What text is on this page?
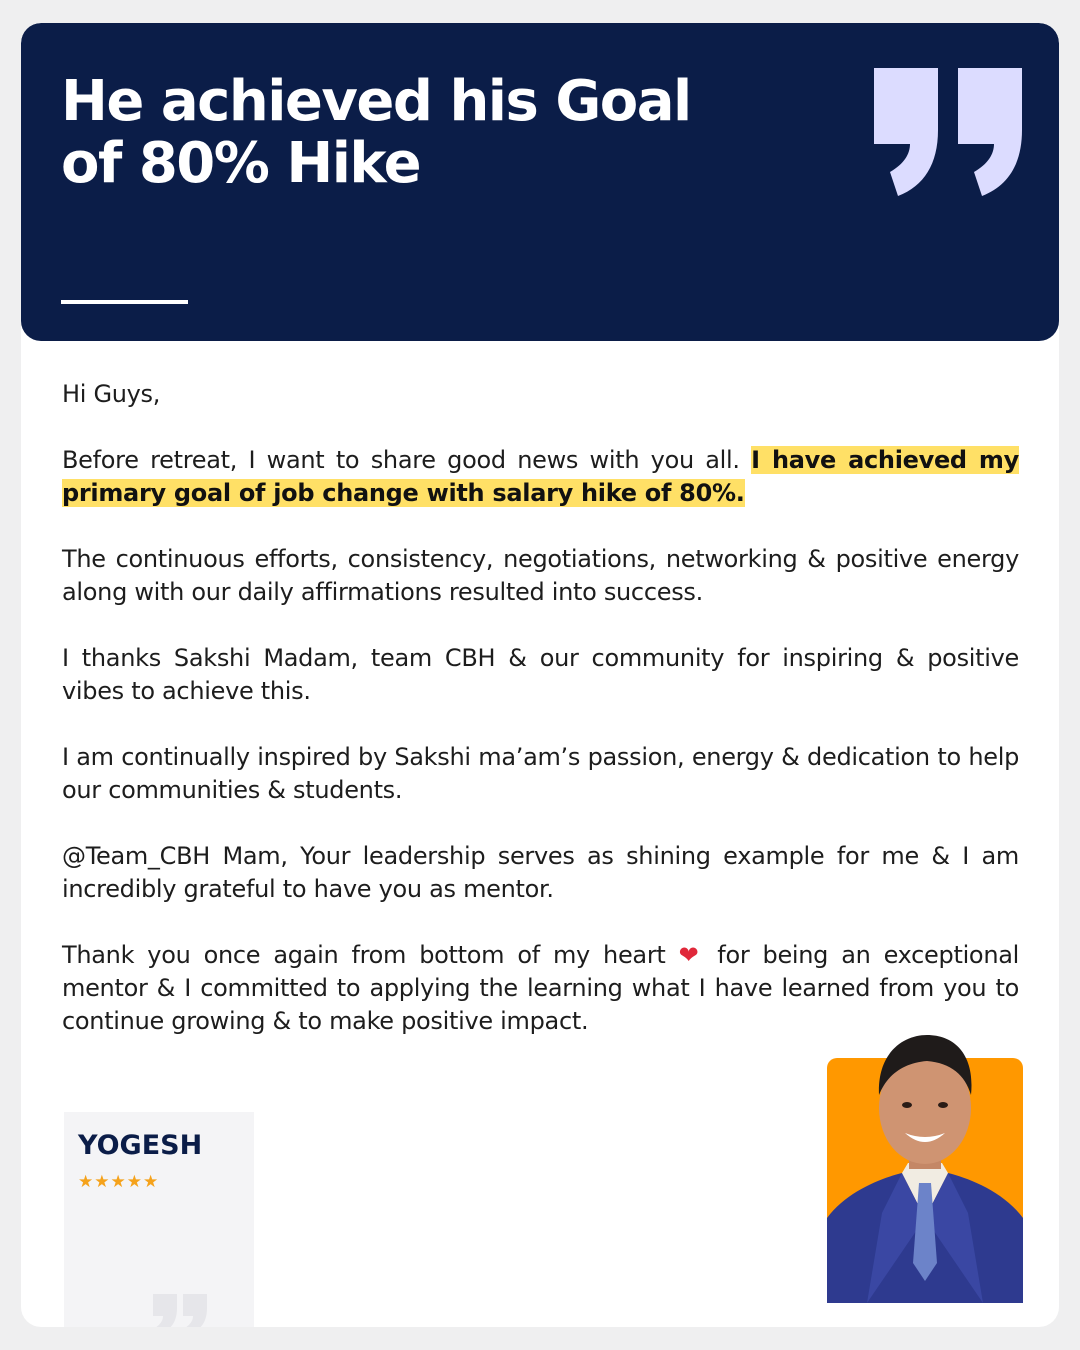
He achieved his Goal of 80% Hike

Hi Guys,

Before retreat, I want to share good news with you all. I have achieved my primary goal of job change with salary hike of 80%.

The continuous efforts, consistency, negotiations, networking & positive energy along with our daily affirmations resulted into success.

I thanks Sakshi Madam, team CBH & our community for inspiring & positive vibes to achieve this.

I am continually inspired by Sakshi ma’am’s passion, energy & dedication to help our communities & students.

@Team_CBH Mam, Your leadership serves as shining example for me & I am incredibly grateful to have you as mentor.

Thank you once again from bottom of my heart ❤ for being an exceptional mentor & I committed to applying the learning what I have learned from you to continue growing & to make positive impact.

YOGESH

★★★★★
